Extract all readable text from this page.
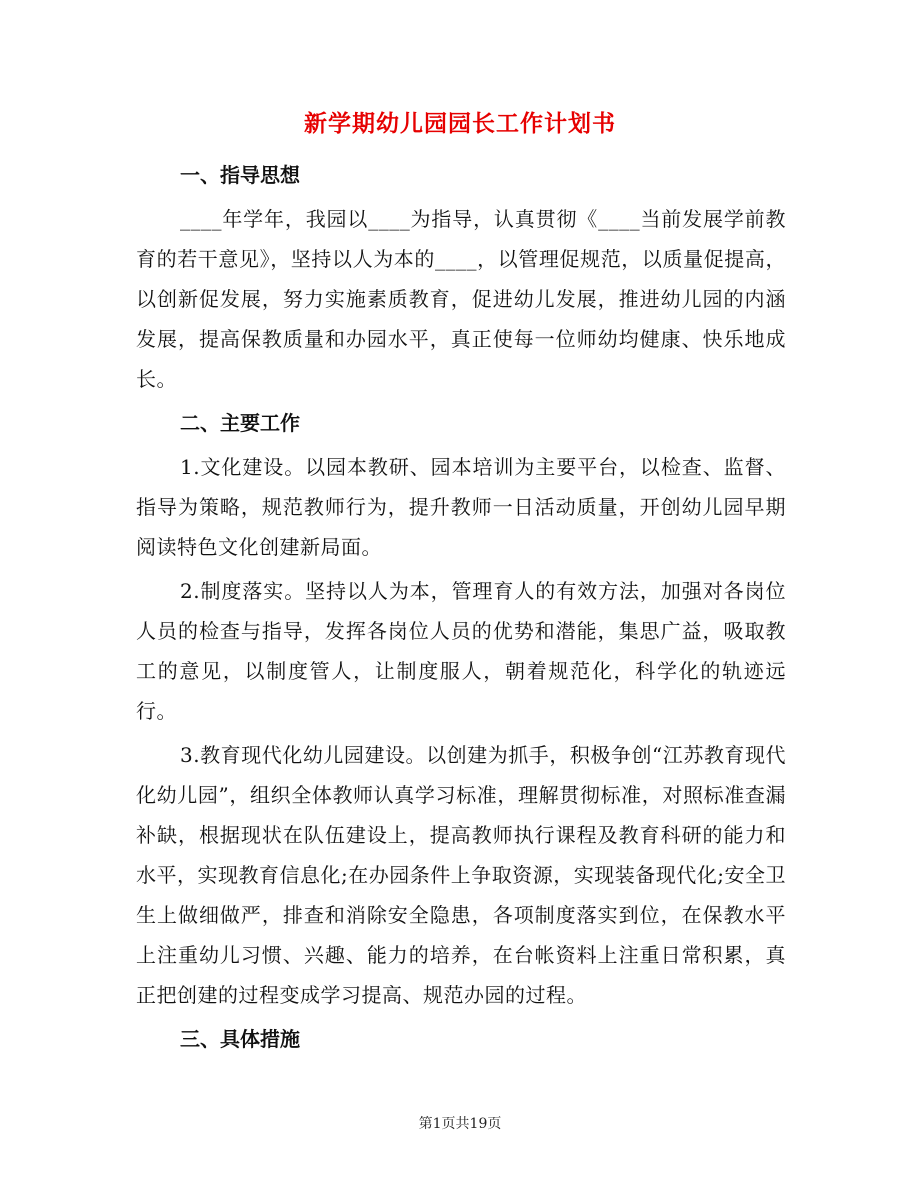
新学期幼儿园园长工作计划书
一、指导思想

____年学年，我园以____为指导，认真贯彻《____当前发展学前教育的若干意见》，坚持以人为本的____，以管理促规范，以质量促提高，以创新促发展，努力实施素质教育，促进幼儿发展，推进幼儿园的内涵发展，提高保教质量和办园水平，真正使每一位师幼均健康、快乐地成长。

二、主要工作

1.文化建设。以园本教研、园本培训为主要平台，以检查、监督、指导为策略，规范教师行为，提升教师一日活动质量，开创幼儿园早期阅读特色文化创建新局面。

2.制度落实。坚持以人为本，管理育人的有效方法，加强对各岗位人员的检查与指导，发挥各岗位人员的优势和潜能，集思广益，吸取教工的意见，以制度管人，让制度服人，朝着规范化，科学化的轨迹远行。

3.教育现代化幼儿园建设。以创建为抓手，积极争创“江苏教育现代化幼儿园”，组织全体教师认真学习标准，理解贯彻标准，对照标准查漏补缺，根据现状在队伍建设上，提高教师执行课程及教育科研的能力和水平，实现教育信息化;在办园条件上争取资源，实现装备现代化;安全卫生上做细做严，排查和消除安全隐患，各项制度落实到位，在保教水平上注重幼儿习惯、兴趣、能力的培养，在台帐资料上注重日常积累，真正把创建的过程变成学习提高、规范办园的过程。

三、具体措施
第1页共19页
